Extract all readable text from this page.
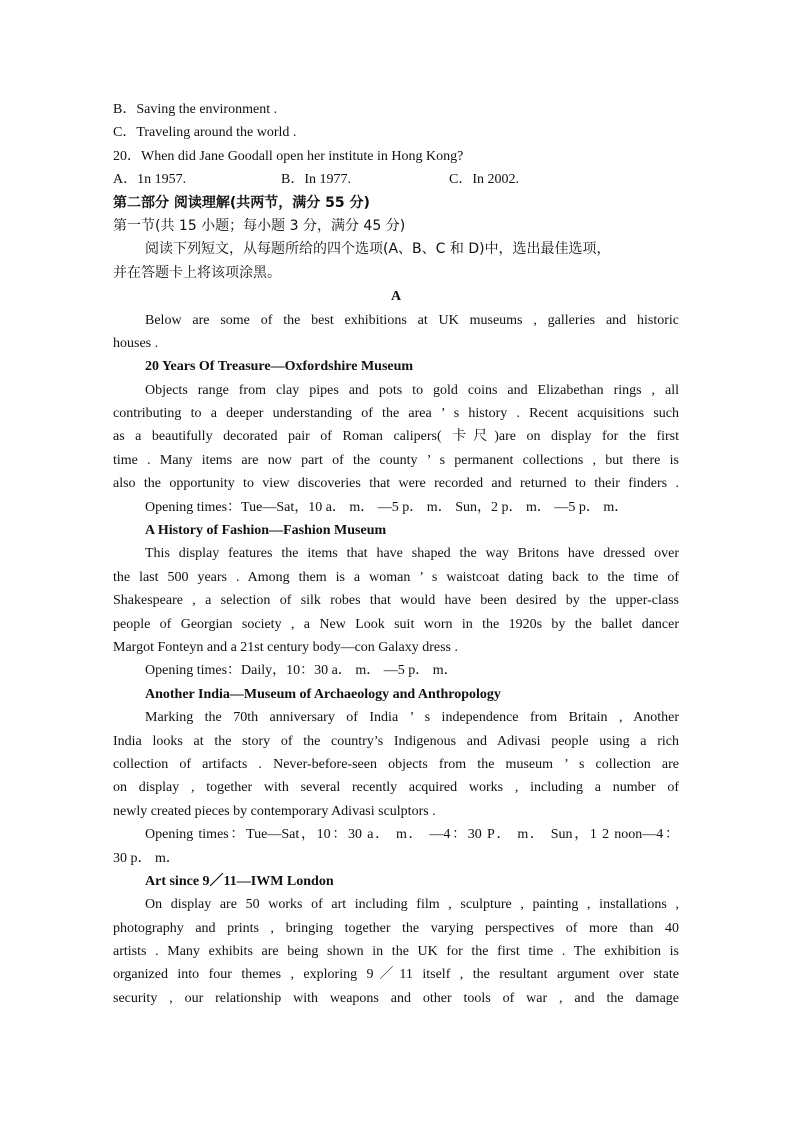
B．Saving the environment .
C．Traveling around the world .
20．When did Jane Goodall open her institute in Hong Kong?
A．1n 1957.	B．In 1977.	C．In 2002.
第二部分 阅读理解(共两节，满分 55 分)
第一节(共 15 小题；每小题 3 分，满分 45 分)
阅读下列短文，从每题所给的四个选项(A、B、C 和 D)中，选出最佳选项，
并在答题卡上将该项涂黑。
A
Below are some of the best exhibitions at UK museums , galleries and historic
houses .
20 Years Of Treasure—Oxfordshire Museum
Objects range from clay pipes and pots to gold coins and Elizabethan rings , all
contributing to a deeper understanding of the area ’ s history . Recent acquisitions such
as a beautifully decorated pair of Roman calipers( 卡尺)are on display for the first
time . Many items are now part of the county ’ s permanent collections , but there is
also the opportunity to view discoveries that were recorded and returned to their finders .
Opening times：Tue—Sat，10 a． m． —5 p． m． Sun，2 p． m． —5 p． m．
A History of Fashion—Fashion Museum
This display features the items that have shaped the way Britons have dressed over
the last 500 years . Among them is a woman ’ s waistcoat dating back to the time of
Shakespeare , a selection of silk robes that would have been desired by the upper-class
people of Georgian society , a New Look suit worn in the 1920s by the ballet dancer
Margot Fonteyn and a 21st century body—con Galaxy dress .
Opening times：Daily，10：30 a． m． —5 p． m．
Another India—Museum of Archaeology and Anthropology
Marking the 70th anniversary of India ’ s independence from Britain , Another
India looks at the story of the country’s Indigenous and Adivasi people using a rich
collection of artifacts . Never-before-seen objects from the museum ’ s collection are
on display , together with several recently acquired works , including a number of
newly created pieces by contemporary Adivasi sculptors .
Opening times：Tue—Sat，10：30 a． m． —4：30 P． m． Sun，1 2 noon—4：
30 p． m．
Art since 9／11—IWM London
On display are 50 works of art including film , sculpture , painting , installations ,
photography and prints , bringing together the varying perspectives of more than 40
artists . Many exhibits are being shown in the UK for the first time . The exhibition is
organized into four themes , exploring 9／11 itself , the resultant argument over state
security , our relationship with weapons and other tools of war , and the damage
